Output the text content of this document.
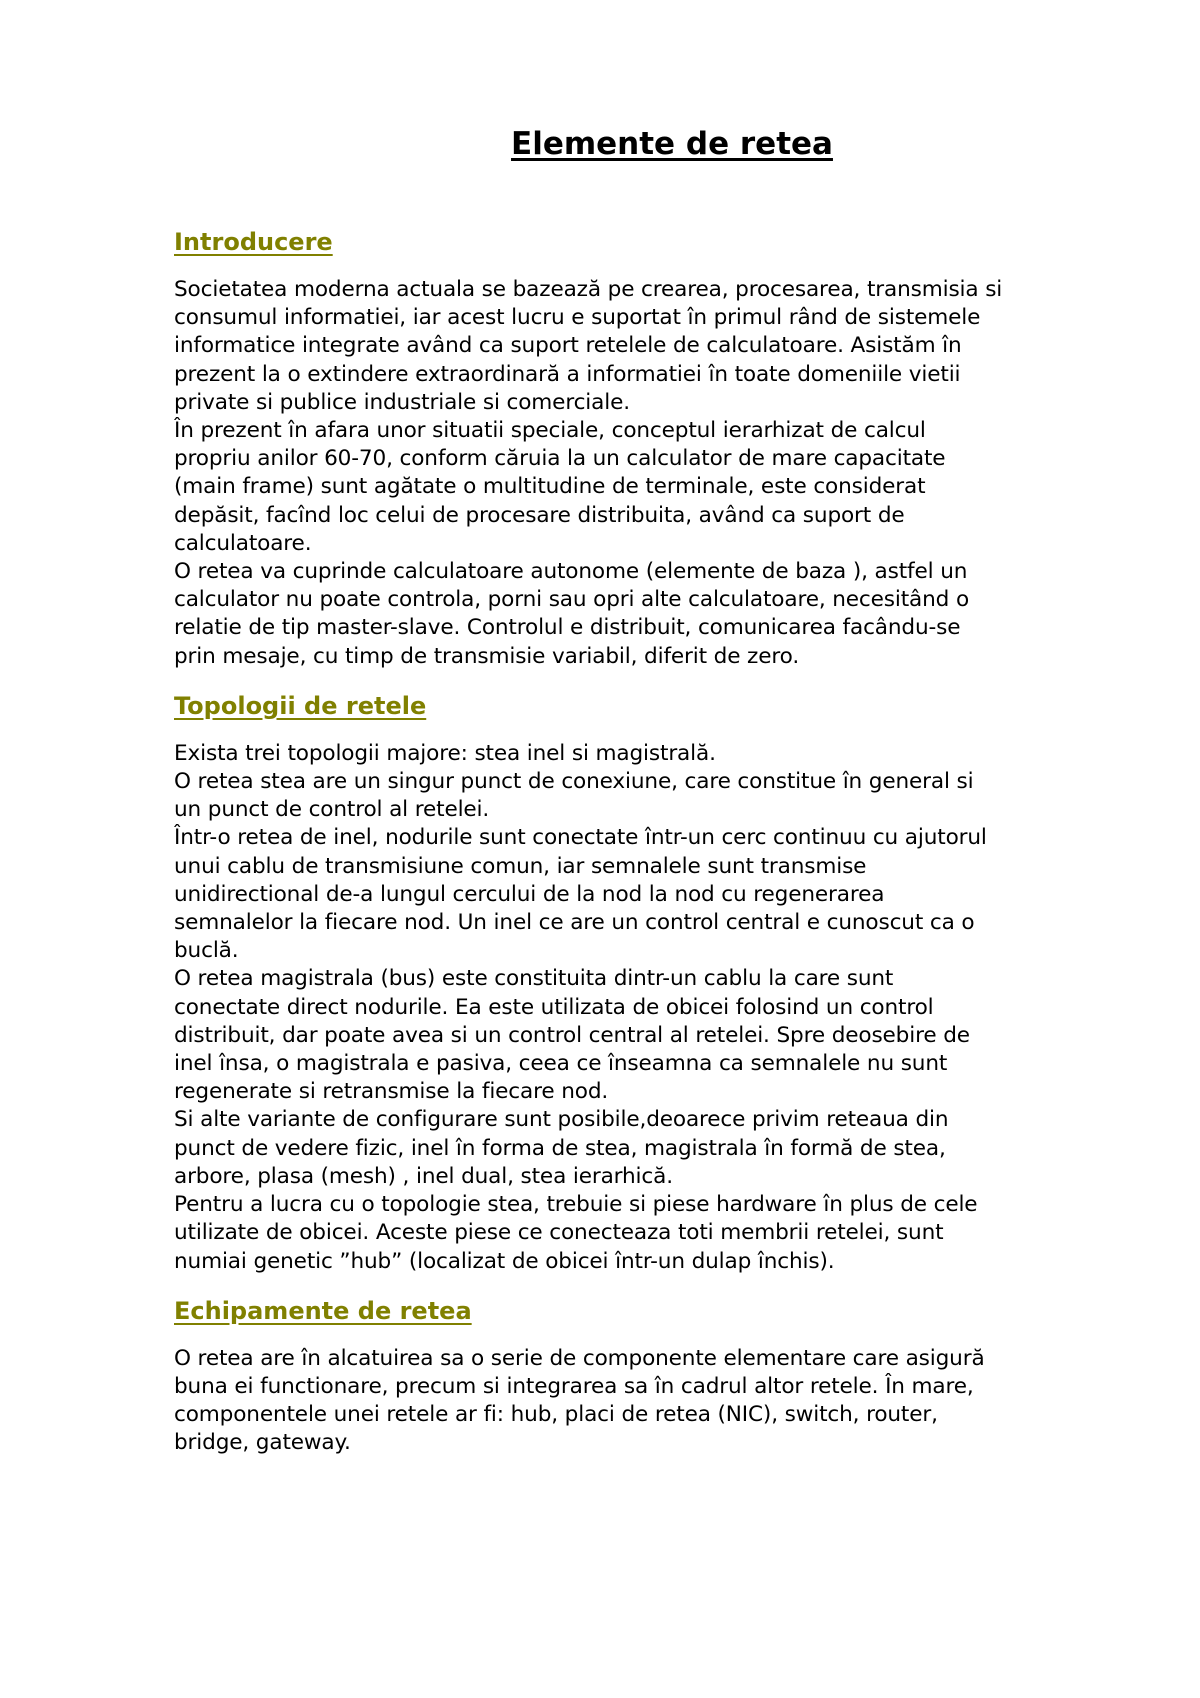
Elemente de retea
Introducere
Societatea moderna actuala se bazează pe crearea, procesarea, transmisia si
consumul informatiei, iar acest lucru e suportat în primul rând de sistemele
informatice integrate având ca suport retelele de calculatoare. Asistăm în
prezent la o extindere extraordinară a informatiei în toate domeniile vietii
private si publice industriale si comerciale.
În prezent în afara unor situatii speciale, conceptul ierarhizat de calcul
propriu anilor 60-70, conform căruia la un calculator de mare capacitate
(main frame) sunt agătate o multitudine de terminale, este considerat
depăsit, facînd loc celui de procesare distribuita, având ca suport de
calculatoare.
O retea va cuprinde calculatoare autonome (elemente de baza ), astfel un
calculator nu poate controla, porni sau opri alte calculatoare, necesitând o
relatie de tip master-slave. Controlul e distribuit, comunicarea facându-se
prin mesaje, cu timp de transmisie variabil, diferit de zero.
Topologii de retele
Exista trei topologii majore: stea inel si magistrală.
O retea stea are un singur punct de conexiune, care constitue în general si
un punct de control al retelei.
Într-o retea de inel, nodurile sunt conectate într-un cerc continuu cu ajutorul
unui cablu de transmisiune comun, iar semnalele sunt transmise
unidirectional de-a lungul cercului de la nod la nod cu regenerarea
semnalelor la fiecare nod. Un inel ce are un control central e cunoscut ca o
buclă.
O retea magistrala (bus) este constituita dintr-un cablu la care sunt
conectate direct nodurile. Ea este utilizata de obicei folosind un control
distribuit, dar poate avea si un control central al retelei. Spre deosebire de
inel însa, o magistrala e pasiva, ceea ce înseamna ca semnalele nu sunt
regenerate si retransmise la fiecare nod.
Si alte variante de configurare sunt posibile,deoarece privim reteaua din
punct de vedere fizic, inel în forma de stea, magistrala în formă de stea,
arbore, plasa (mesh) , inel dual, stea ierarhică.
Pentru a lucra cu o topologie stea, trebuie si piese hardware în plus de cele
utilizate de obicei. Aceste piese ce conecteaza toti membrii retelei, sunt
numiai genetic ”hub” (localizat de obicei într-un dulap închis).
Echipamente de retea
O retea are în alcatuirea sa o serie de componente elementare care asigură
buna ei functionare, precum si integrarea sa în cadrul altor retele. În mare,
componentele unei retele ar fi: hub, placi de retea (NIC), switch, router,
bridge, gateway.
